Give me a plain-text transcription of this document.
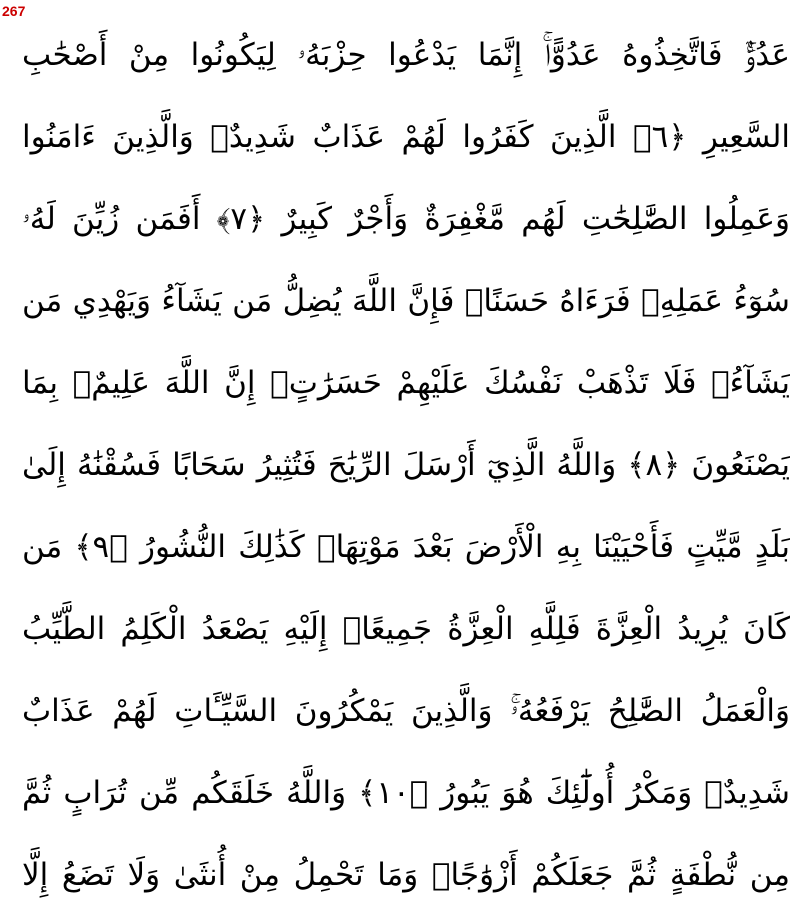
267
عَدُوٌّۚ فَاتَّخِذُوهُ عَدُوًّاۚ إِنَّمَا يَدْعُوا حِزْبَهُۥ لِيَكُونُوا مِنْ أَصْحَٰبِ
السَّعِيرِ ﴿٦﴾ الَّذِينَ كَفَرُوا لَهُمْ عَذَابٌ شَدِيدٌۖ وَالَّذِينَ ءَامَنُوا
وَعَمِلُوا الصَّٰلِحَٰتِ لَهُم مَّغْفِرَةٌ وَأَجْرٌ كَبِيرٌ ﴿٧﴾ أَفَمَن زُيِّنَ لَهُۥ
سُوٓءُ عَمَلِهِۦ فَرَءَاهُ حَسَنًاۖ فَإِنَّ اللَّهَ يُضِلُّ مَن يَشَآءُ وَيَهْدِي مَن
يَشَآءُۖ فَلَا تَذْهَبْ نَفْسُكَ عَلَيْهِمْ حَسَرَٰتٍۚ إِنَّ اللَّهَ عَلِيمٌۢ بِمَا
يَصْنَعُونَ ﴿٨﴾ وَاللَّهُ الَّذِيٓ أَرْسَلَ الرِّيَٰحَ فَتُثِيرُ سَحَابًا فَسُقْنَٰهُ إِلَىٰ
بَلَدٍ مَّيِّتٍ فَأَحْيَيْنَا بِهِ الْأَرْضَ بَعْدَ مَوْتِهَاۚ كَذَٰلِكَ النُّشُورُ ﴿٩﴾ مَن
كَانَ يُرِيدُ الْعِزَّةَ فَلِلَّهِ الْعِزَّةُ جَمِيعًاۚ إِلَيْهِ يَصْعَدُ الْكَلِمُ الطَّيِّبُ
وَالْعَمَلُ الصَّٰلِحُ يَرْفَعُهُۥۚ وَالَّذِينَ يَمْكُرُونَ السَّيِّـَٔاتِ لَهُمْ عَذَابٌ
شَدِيدٌۖ وَمَكْرُ أُولَٰٓئِكَ هُوَ يَبُورُ ﴿١٠﴾ وَاللَّهُ خَلَقَكُم مِّن تُرَابٍ ثُمَّ
مِن نُّطْفَةٍ ثُمَّ جَعَلَكُمْ أَزْوَٰجًاۚ وَمَا تَحْمِلُ مِنْ أُنثَىٰ وَلَا تَضَعُ إِلَّا
